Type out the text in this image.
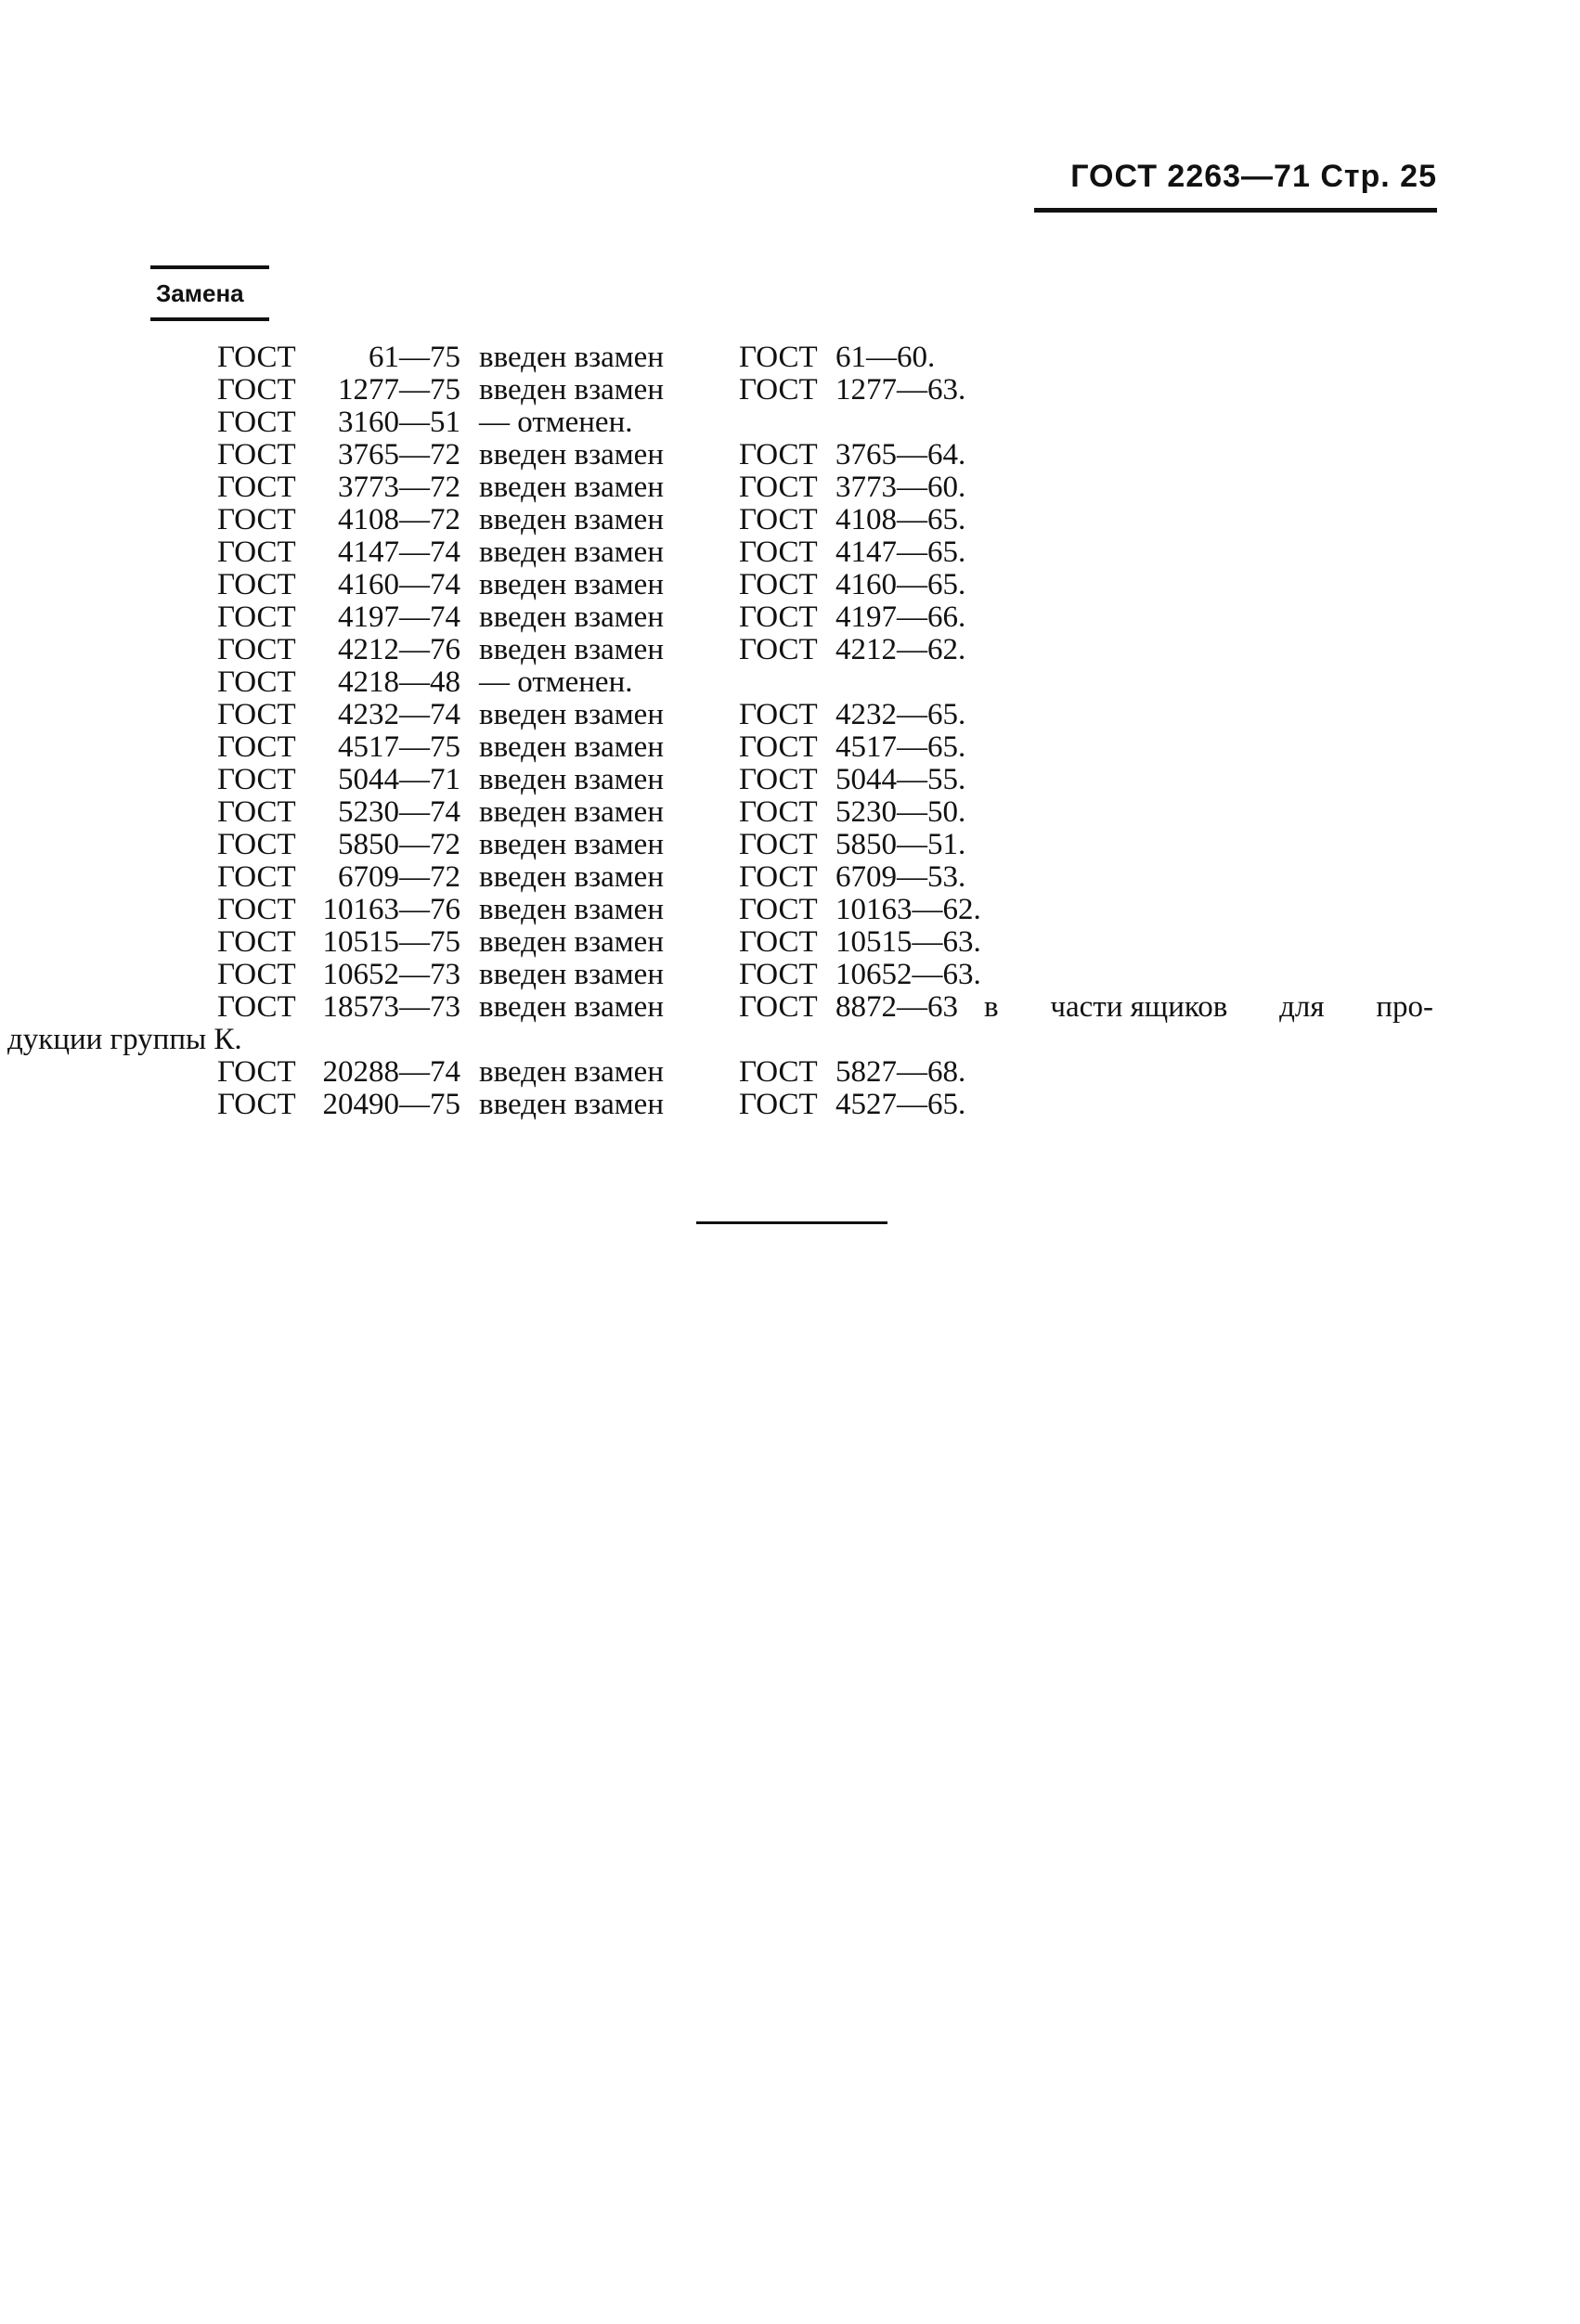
ГОСТ 2263—71 Стр. 25
Замена
ГОСТ	61—75 введен взамен	ГОСТ 61—60.
ГОСТ	1277—75 введен взамен	ГОСТ 1277—63.
ГОСТ	3160—51 — отменен.
ГОСТ	3765—72 введен взамен	ГОСТ 3765—64.
ГОСТ	3773—72 введен взамен	ГОСТ 3773—60.
ГОСТ	4108—72 введен взамен	ГОСТ 4108—65.
ГОСТ	4147—74 введен взамен	ГОСТ 4147—65.
ГОСТ	4160—74 введен взамен	ГОСТ 4160—65.
ГОСТ	4197—74 введен взамен	ГОСТ 4197—66.
ГОСТ	4212—76 введен взамен	ГОСТ 4212—62.
ГОСТ	4218—48 — отменен.
ГОСТ	4232—74 введен взамен	ГОСТ 4232—65.
ГОСТ	4517—75 введен взамен	ГОСТ 4517—65.
ГОСТ	5044—71 введен взамен	ГОСТ 5044—55.
ГОСТ	5230—74 введен взамен	ГОСТ 5230—50.
ГОСТ	5850—72 введен взамен	ГОСТ 5850—51.
ГОСТ	6709—72 введен взамен	ГОСТ 6709—53.
ГОСТ 10163—76 введен взамен	ГОСТ 10163—62.
ГОСТ 10515—75 введен взамен	ГОСТ 10515—63.
ГОСТ 10652—73 введен взамен	ГОСТ 10652—63.
ГОСТ 18573—73 введен взамен	ГОСТ 8872—63 в части ящиков для про-
дукции группы К.
ГОСТ 20288—74 введен взамен	ГОСТ 5827—68.
ГОСТ 20490—75 введен взамен	ГОСТ 4527—65.
